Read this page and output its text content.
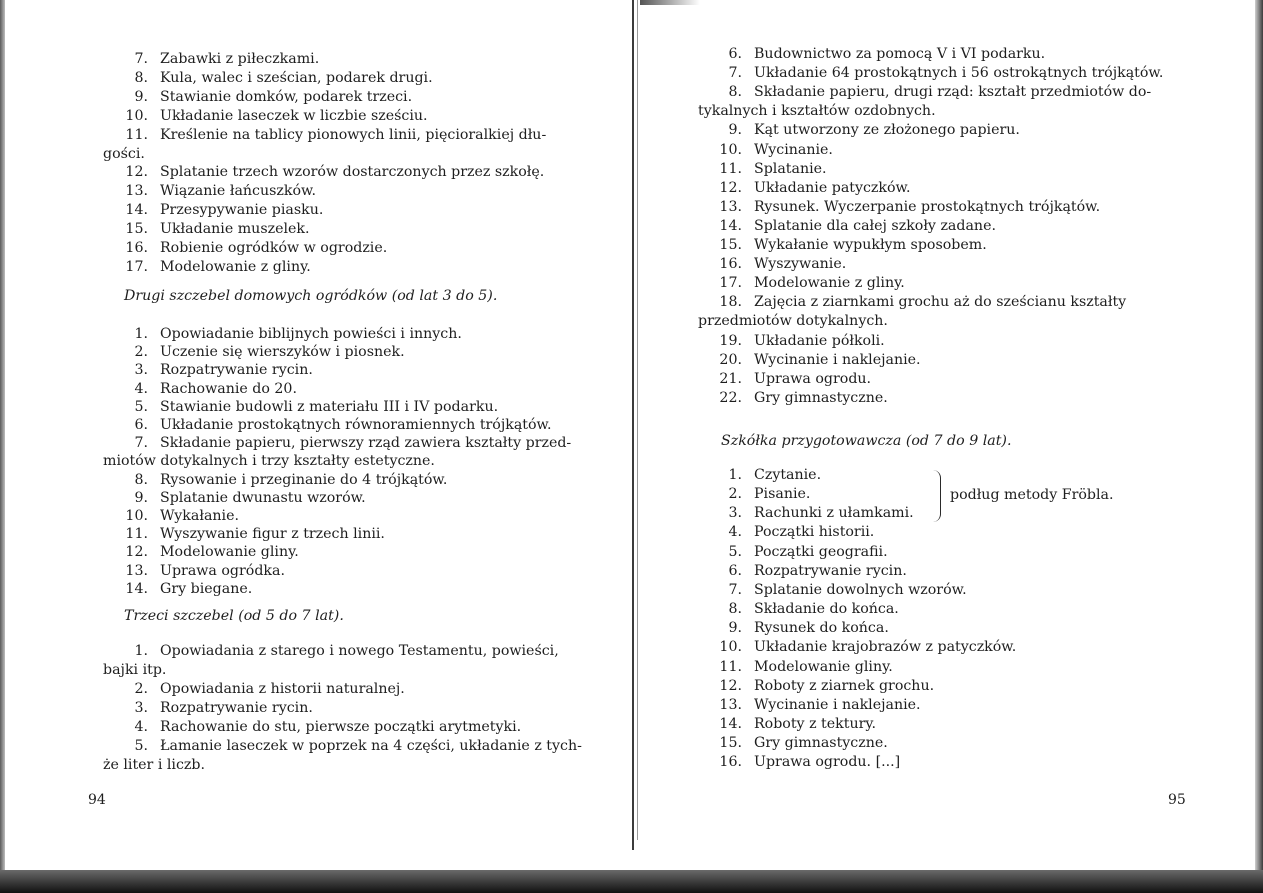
7. Zabawki z piłeczkami.
8. Kula, walec i sześcian, podarek drugi.
9. Stawianie domków, podarek trzeci.
10. Układanie laseczek w liczbie sześciu.
11. Kreślenie na tablicy pionowych linii, pięcioralkiej dłu-
gości.
12. Splatanie trzech wzorów dostarczonych przez szkołę.
13. Wiązanie łańcuszków.
14. Przesypywanie piasku.
15. Układanie muszelek.
16. Robienie ogródków w ogrodzie.
17. Modelowanie z gliny.
1. Opowiadanie biblijnych powieści i innych.
2. Uczenie się wierszyków i piosnek.
3. Rozpatrywanie rycin.
4. Rachowanie do 20.
5. Stawianie budowli z materiału III i IV podarku.
6. Układanie prostokątnych równoramiennych trójkątów.
7. Składanie papieru, pierwszy rząd zawiera kształty przed-
miotów dotykalnych i trzy kształty estetyczne.
8. Rysowanie i przeginanie do 4 trójkątów.
9. Splatanie dwunastu wzorów.
10. Wykałanie.
11. Wyszywanie figur z trzech linii.
12. Modelowanie gliny.
13. Uprawa ogródka.
14. Gry biegane.
1. Opowiadania z starego i nowego Testamentu, powieści,
bajki itp.
2. Opowiadania z historii naturalnej.
3. Rozpatrywanie rycin.
4. Rachowanie do stu, pierwsze początki arytmetyki.
5. Łamanie laseczek w poprzek na 4 części, układanie z tych-
że liter i liczb.
Drugi szczebel domowych ogródków (od lat 3 do 5).
Trzeci szczebel (od 5 do 7 lat).
94
6. Budownictwo za pomocą V i VI podarku.
7. Układanie 64 prostokątnych i 56 ostrokątnych trójkątów.
8. Składanie papieru, drugi rząd: kształt przedmiotów do-
tykalnych i kształtów ozdobnych.
9. Kąt utworzony ze złożonego papieru.
10. Wycinanie.
11. Splatanie.
12. Układanie patyczków.
13. Rysunek. Wyczerpanie prostokątnych trójkątów.
14. Splatanie dla całej szkoły zadane.
15. Wykałanie wypukłym sposobem.
16. Wyszywanie.
17. Modelowanie z gliny.
18. Zajęcia z ziarnkami grochu aż do sześcianu kształty
przedmiotów dotykalnych.
19. Układanie półkoli.
20. Wycinanie i naklejanie.
21. Uprawa ogrodu.
22. Gry gimnastyczne.
1. Czytanie.
2. Pisanie.
3. Rachunki z ułamkami.
4. Początki historii.
5. Początki geografii.
6. Rozpatrywanie rycin.
7. Splatanie dowolnych wzorów.
8. Składanie do końca.
9. Rysunek do końca.
10. Układanie krajobrazów z patyczków.
11. Modelowanie gliny.
12. Roboty z ziarnek grochu.
13. Wycinanie i naklejanie.
14. Roboty z tektury.
15. Gry gimnastyczne.
16. Uprawa ogrodu. [...]
Szkółka przygotowawcza (od 7 do 9 lat).
95
podług metody Fröbla.
